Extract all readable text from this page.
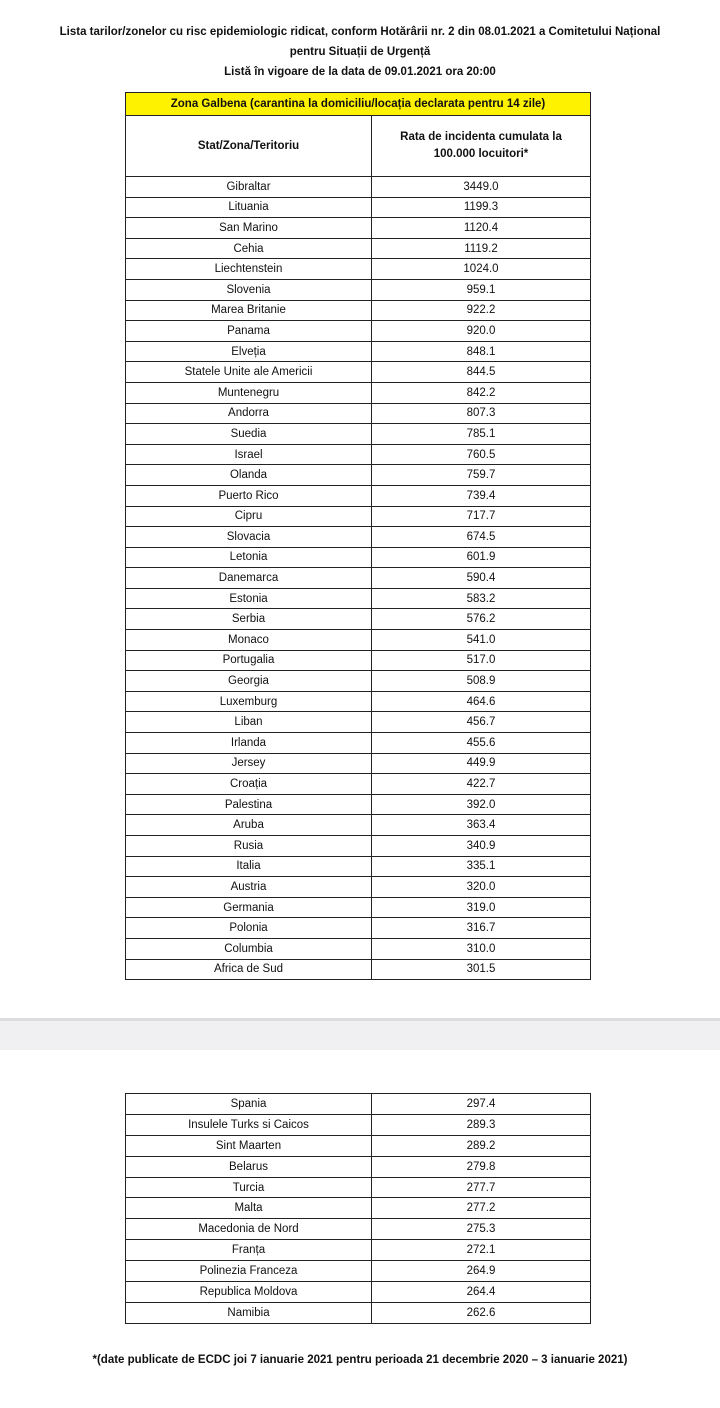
Lista tarilor/zonelor cu risc epidemiologic ridicat, conform Hotărârii nr. 2 din 08.01.2021 a Comitetului Național
pentru Situații de Urgență
Listă în vigoare de la data de 09.01.2021 ora 20:00
Zona Galbena (carantina la domiciliu/locația declarata pentru 14 zile)	
Stat/Zona/Teritoriu	Rata de incidenta cumulata la 100.000 locuitori*
Gibraltar	3449.0
Lituania	1199.3
San Marino	1120.4
Cehia	1119.2
Liechtenstein	1024.0
Slovenia	959.1
Marea Britanie	922.2
Panama	920.0
Elveția	848.1
Statele Unite ale Americii	844.5
Muntenegru	842.2
Andorra	807.3
Suedia	785.1
Israel	760.5
Olanda	759.7
Puerto Rico	739.4
Cipru	717.7
Slovacia	674.5
Letonia	601.9
Danemarca	590.4
Estonia	583.2
Serbia	576.2
Monaco	541.0
Portugalia	517.0
Georgia	508.9
Luxemburg	464.6
Liban	456.7
Irlanda	455.6
Jersey	449.9
Croația	422.7
Palestina	392.0
Aruba	363.4
Rusia	340.9
Italia	335.1
Austria	320.0
Germania	319.0
Polonia	316.7
Columbia	310.0
Africa de Sud	301.5
Spania	297.4
Insulele Turks si Caicos	289.3
Sint Maarten	289.2
Belarus	279.8
Turcia	277.7
Malta	277.2
Macedonia de Nord	275.3
Franța	272.1
Polinezia Franceza	264.9
Republica Moldova	264.4
Namibia	262.6
*(date publicate de ECDC joi 7 ianuarie 2021 pentru perioada 21 decembrie 2020 – 3 ianuarie 2021)
